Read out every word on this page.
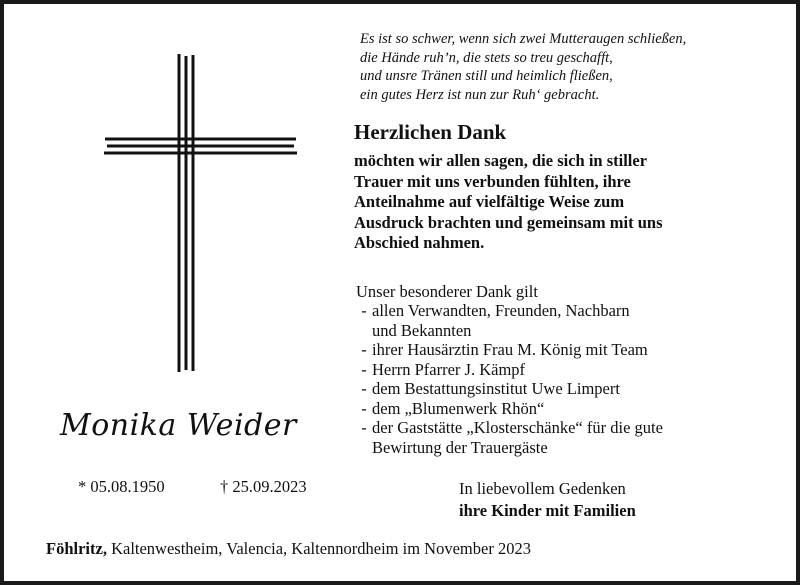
Es ist so schwer, wenn sich zwei Mutteraugen schließen,
die Hände ruh’n, die stets so treu geschafft,
und unsre Tränen still und heimlich fließen,
ein gutes Herz ist nun zur Ruh‘ gebracht.
Herzlichen Dank
möchten wir allen sagen, die sich in stiller
Trauer mit uns verbunden fühlten, ihre
Anteilnahme auf vielfältige Weise zum
Ausdruck brachten und gemeinsam mit uns
Abschied nahmen.
Unser besonderer Dank gilt
- allen Verwandten, Freunden, Nachbarn
und Bekannten
- ihrer Hausärztin Frau M. König mit Team
- Herrn Pfarrer J. Kämpf
- dem Bestattungsinstitut Uwe Limpert
- dem „Blumenwerk Rhön“
- der Gaststätte „Klosterschänke“ für die gute
Bewirtung der Trauergäste
Monika Weider
* 05.08.1950	† 25.09.2023	In liebevollem Gedenken
ihre Kinder mit Familien
Föhlritz, Kaltenwestheim, Valencia, Kaltennordheim im November 2023
